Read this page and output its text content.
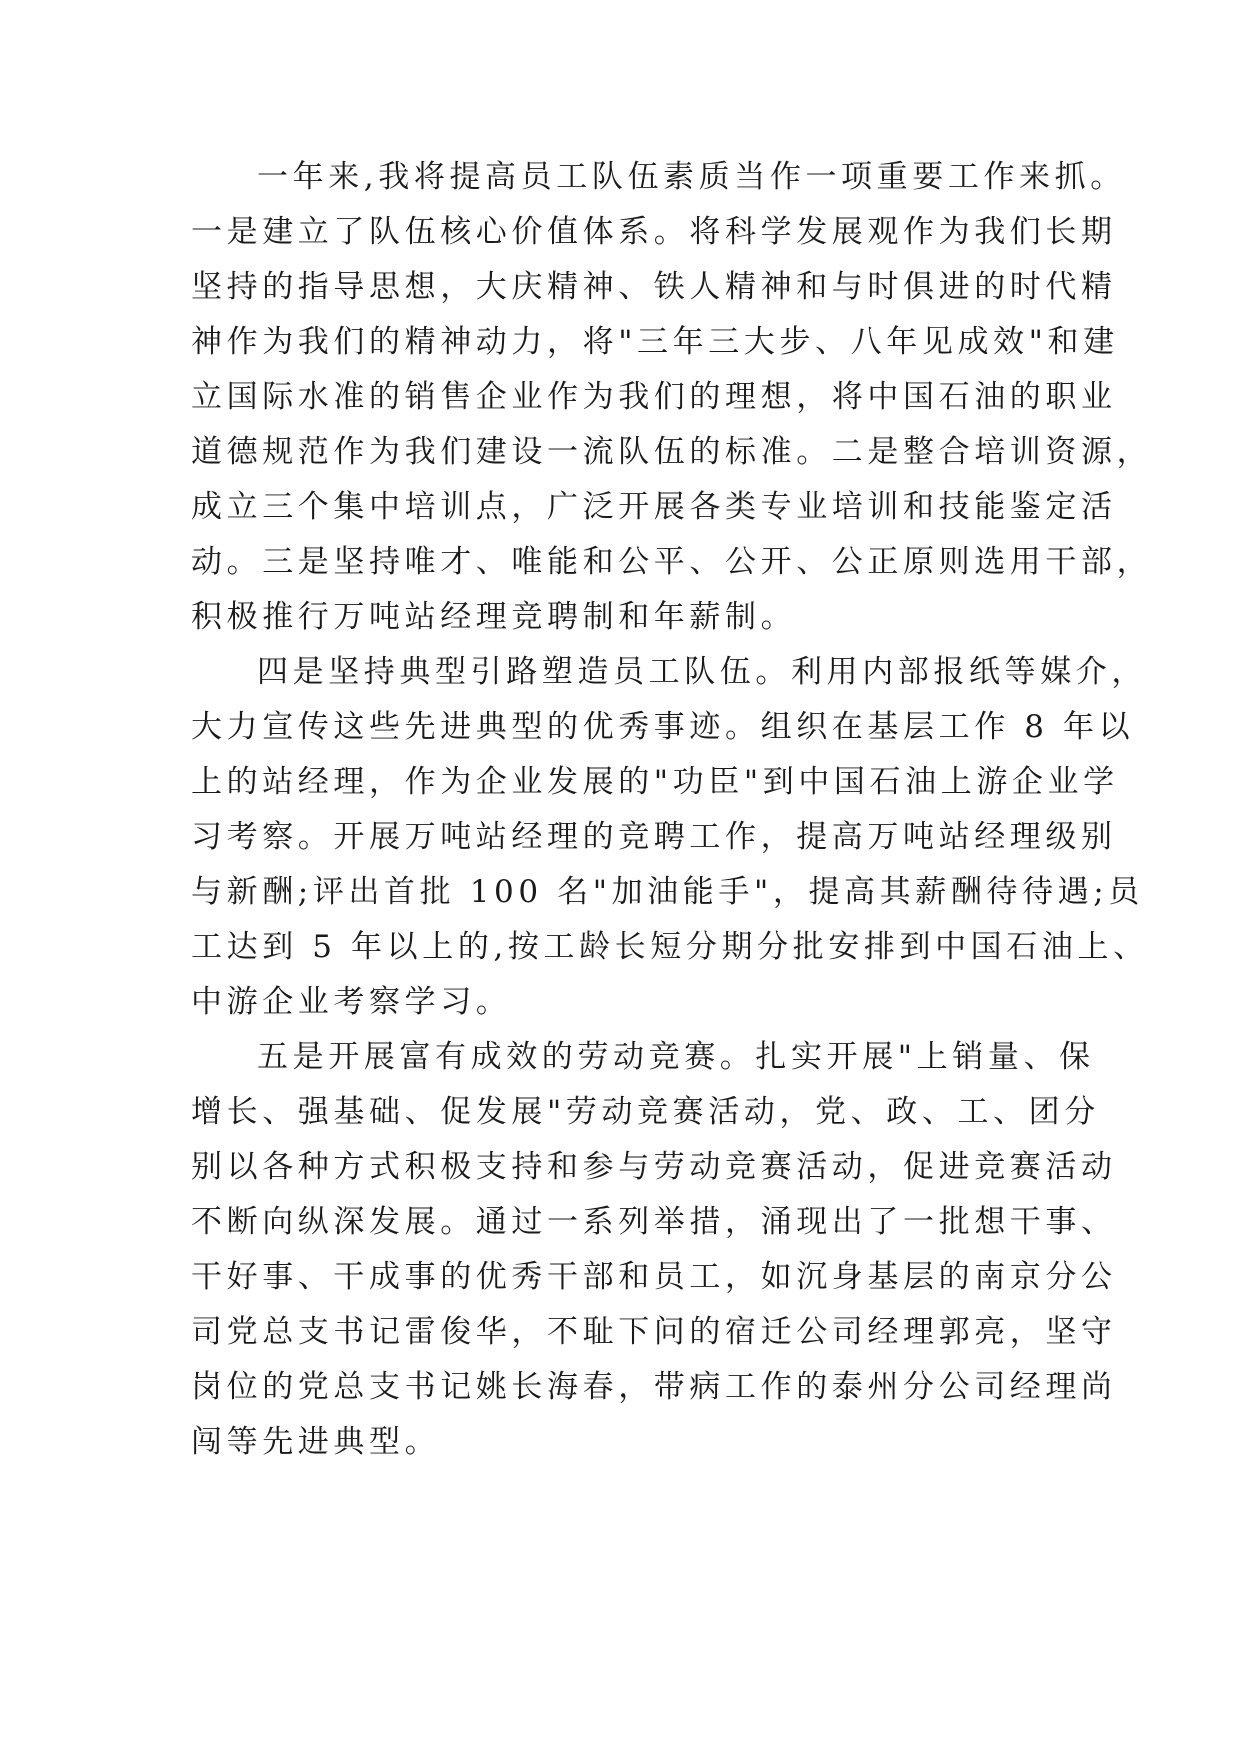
一年来,我将提高员工队伍素质当作一项重要工作来抓。
一是建立了队伍核心价值体系。将科学发展观作为我们长期
坚持的指导思想，大庆精神、铁人精神和与时俱进的时代精
神作为我们的精神动力，将"三年三大步、八年见成效"和建
立国际水准的销售企业作为我们的理想，将中国石油的职业
道德规范作为我们建设一流队伍的标准。二是整合培训资源，
成立三个集中培训点，广泛开展各类专业培训和技能鉴定活
动。三是坚持唯才、唯能和公平、公开、公正原则选用干部，
积极推行万吨站经理竞聘制和年薪制。
四是坚持典型引路塑造员工队伍。利用内部报纸等媒介，
大力宣传这些先进典型的优秀事迹。组织在基层工作 8 年以
上的站经理，作为企业发展的"功臣"到中国石油上游企业学
习考察。开展万吨站经理的竞聘工作，提高万吨站经理级别
与新酬;评出首批 100 名"加油能手"，提高其薪酬待待遇;员
工达到 5 年以上的,按工龄长短分期分批安排到中国石油上、
中游企业考察学习。
五是开展富有成效的劳动竞赛。扎实开展"上销量、保
增长、强基础、促发展"劳动竞赛活动，党、政、工、团分
别以各种方式积极支持和参与劳动竞赛活动，促进竞赛活动
不断向纵深发展。通过一系列举措，涌现出了一批想干事、
干好事、干成事的优秀干部和员工，如沉身基层的南京分公
司党总支书记雷俊华，不耻下问的宿迁公司经理郭亮，坚守
岗位的党总支书记姚长海春，带病工作的泰州分公司经理尚
闯等先进典型。
